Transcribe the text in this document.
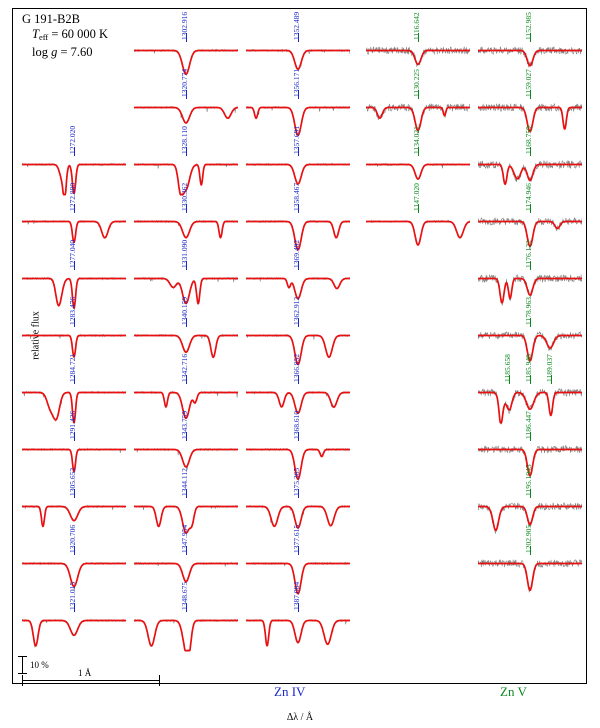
G 191-B2B
$T_{eff} = 60$ 000 K
log g = 7.60
relative flux
Δλ / Å
10 %
1 Å
Zn IV	Zn V
1272.020
1272.880
1277.040
1283.476
1284.721
1291.426
1305.652
1320.706
1321.015
1302.916
1320.774
1328.110
1330.362
1331.090
1340.159
1342.716
1343.759
1344.112
1347.954
1348.675
1352.489
1356.171
1357.691
1358.467
1369.482
1362.912
1366.852
1368.610
1375.365
1377.615
1387.084
1116.642
1130.225
1134.021
1147.020
1152.985
1159.027
1168.759
1174.946
1176.122
1178.963
1185.658 1185.948 1189.037
1186.447
1195.1945
1202.905
